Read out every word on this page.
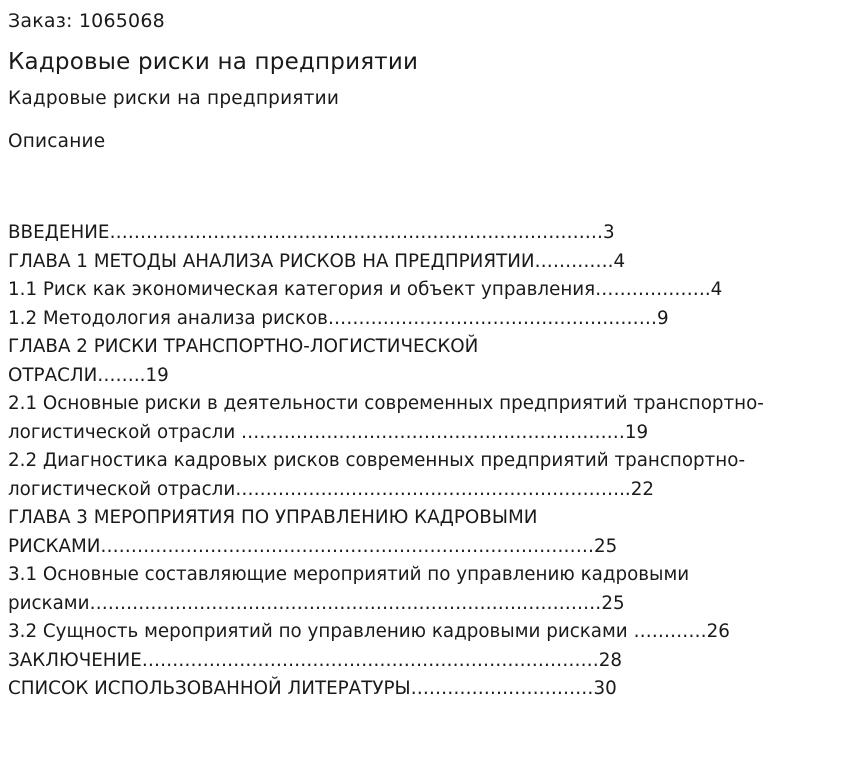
Заказ: 1065068
Кадровые риски на предприятии
Кадровые риски на предприятии
Описание
ВВЕДЕНИЕ………………………………………………………………………3
ГЛАВА 1 МЕТОДЫ АНАЛИЗА РИСКОВ НА ПРЕДПРИЯТИИ………….4
1.1 Риск как экономическая категория и объект управления……………….4
1.2 Методология анализа рисков………………………………………………9
ГЛАВА 2 РИСКИ ТРАНСПОРТНО-ЛОГИСТИЧЕСКОЙ
ОТРАСЛИ……..19
2.1 Основные риски в деятельности современных предприятий транспортно-
логистической отрасли ………………………………………………………19
2.2 Диагностика кадровых рисков современных предприятий транспортно-
логистической отрасли………………………………………………………..22
ГЛАВА 3 МЕРОПРИЯТИЯ ПО УПРАВЛЕНИЮ КАДРОВЫМИ
РИСКАМИ………………………………………………………………………25
3.1 Основные составляющие мероприятий по управлению кадровыми
рисками…………………………………………………………………………25
3.2 Сущность мероприятий по управлению кадровыми рисками …………26
ЗАКЛЮЧЕНИЕ…………………………………………………………………28
СПИСОК ИСПОЛЬЗОВАННОЙ ЛИТЕРАТУРЫ…………………………30
